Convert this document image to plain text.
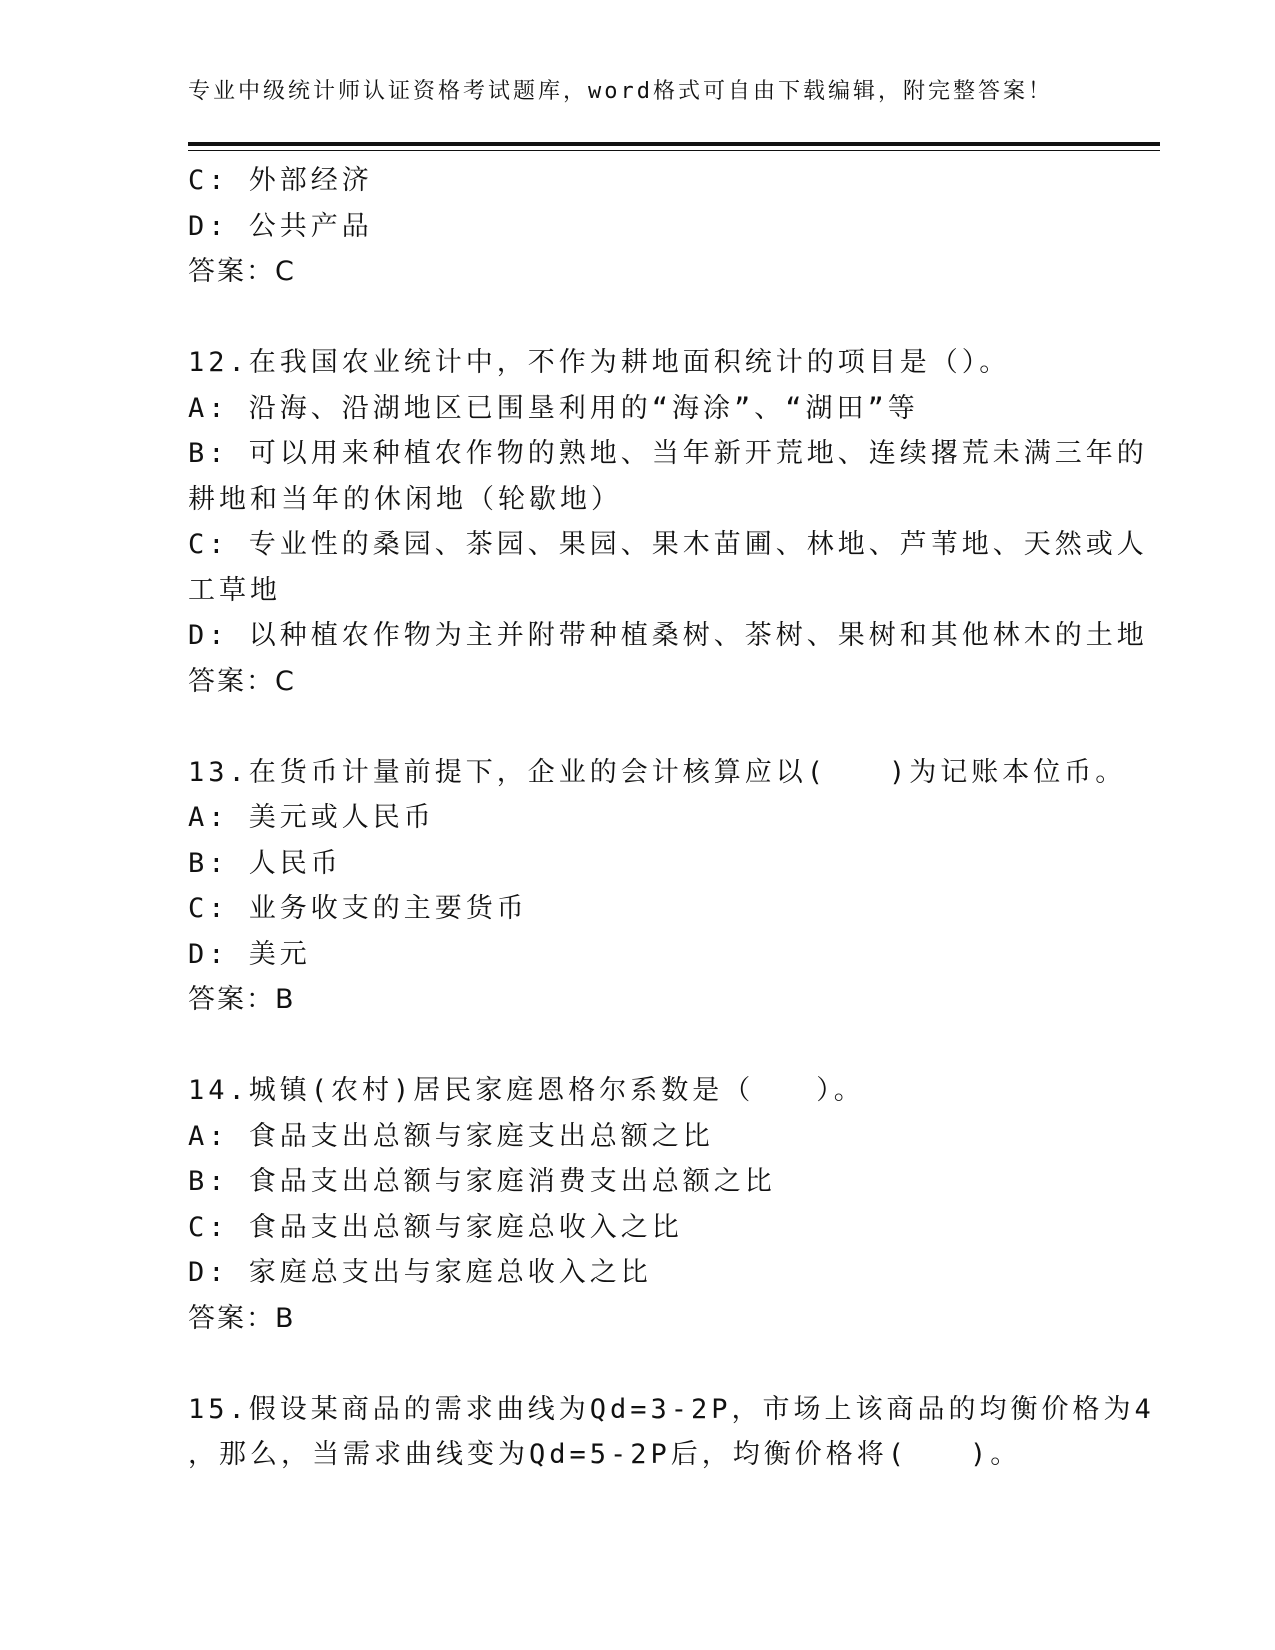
专业中级统计师认证资格考试题库，word格式可自由下载编辑，附完整答案！
C: 外部经济
D: 公共产品
答案：C
12.在我国农业统计中，不作为耕地面积统计的项目是（）。
A: 沿海、沿湖地区已围垦利用的“海涂”、“湖田”等
B: 可以用来种植农作物的熟地、当年新开荒地、连续撂荒未满三年的
耕地和当年的休闲地（轮歇地）
C: 专业性的桑园、茶园、果园、果木苗圃、林地、芦苇地、天然或人
工草地
D: 以种植农作物为主并附带种植桑树、茶树、果树和其他林木的土地
答案：C
13.在货币计量前提下，企业的会计核算应以(　　)为记账本位币。
A: 美元或人民币
B: 人民币
C: 业务收支的主要货币
D: 美元
答案：B
14.城镇(农村)居民家庭恩格尔系数是（　　）。
A: 食品支出总额与家庭支出总额之比
B: 食品支出总额与家庭消费支出总额之比
C: 食品支出总额与家庭总收入之比
D: 家庭总支出与家庭总收入之比
答案：B
15.假设某商品的需求曲线为Qd=3-2P，市场上该商品的均衡价格为4
，那么，当需求曲线变为Qd=5-2P后，均衡价格将(　　)。
